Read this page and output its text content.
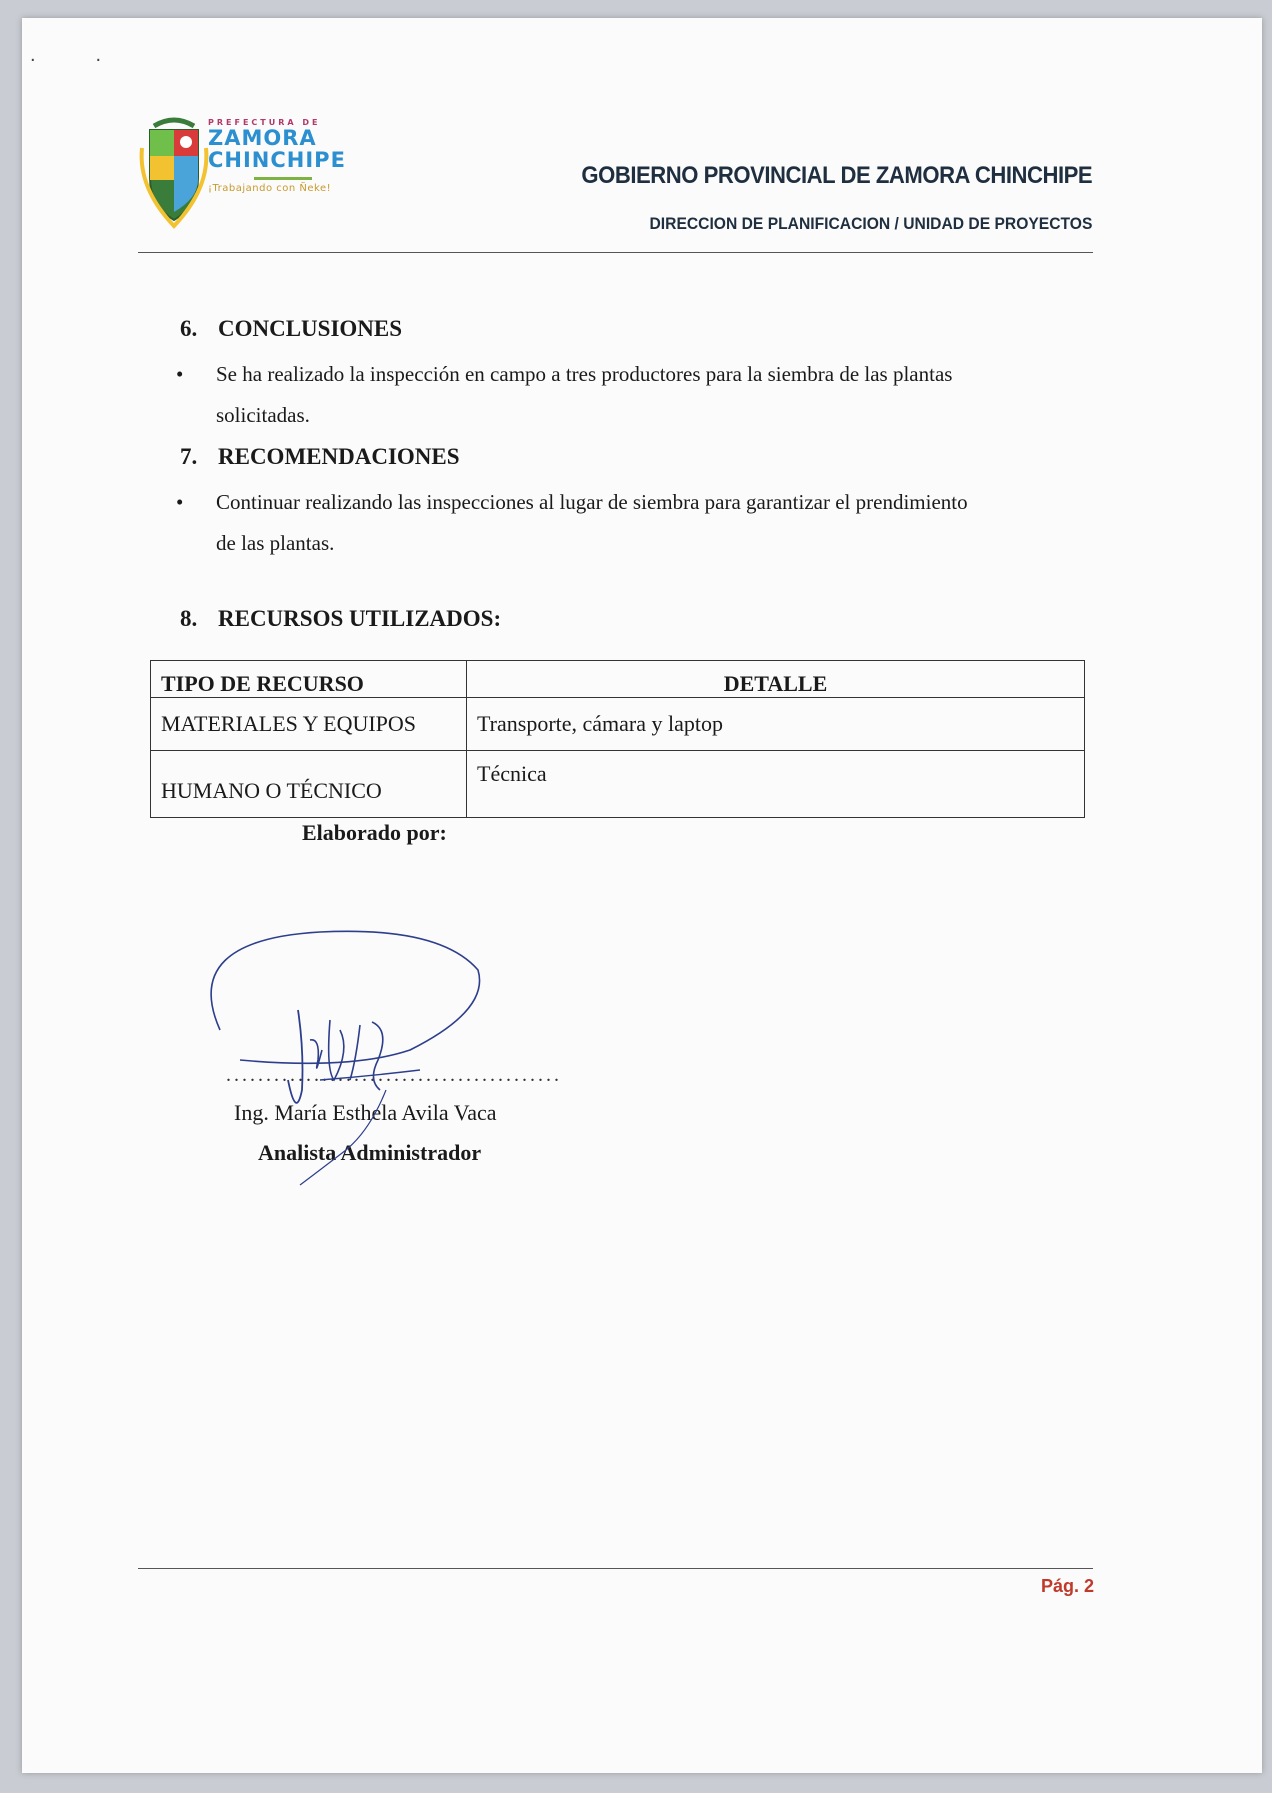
..
PREFECTURA DE
ZAMORA
CHINCHIPE
¡Trabajando con Ñeke!	GOBIERNO PROVINCIAL DE ZAMORA CHINCHIPE
DIRECCION DE PLANIFICACION / UNIDAD DE PROYECTOS
6. CONCLUSIONES
• Se ha realizado la inspección en campo a tres productores para la siembra de las plantas
solicitadas.
7. RECOMENDACIONES
• Continuar realizando las inspecciones al lugar de siembra para garantizar el prendimiento
de las plantas.
8. RECURSOS UTILIZADOS:
TIPO DE RECURSO	DETALLE
MATERIALES Y EQUIPOS	Transporte, cámara y laptop
HUMANO O TÉCNICO	Técnica
Elaborado por:
..........................................
Ing. María Esthela Avila Vaca
Analista Administrador
Pág. 2
